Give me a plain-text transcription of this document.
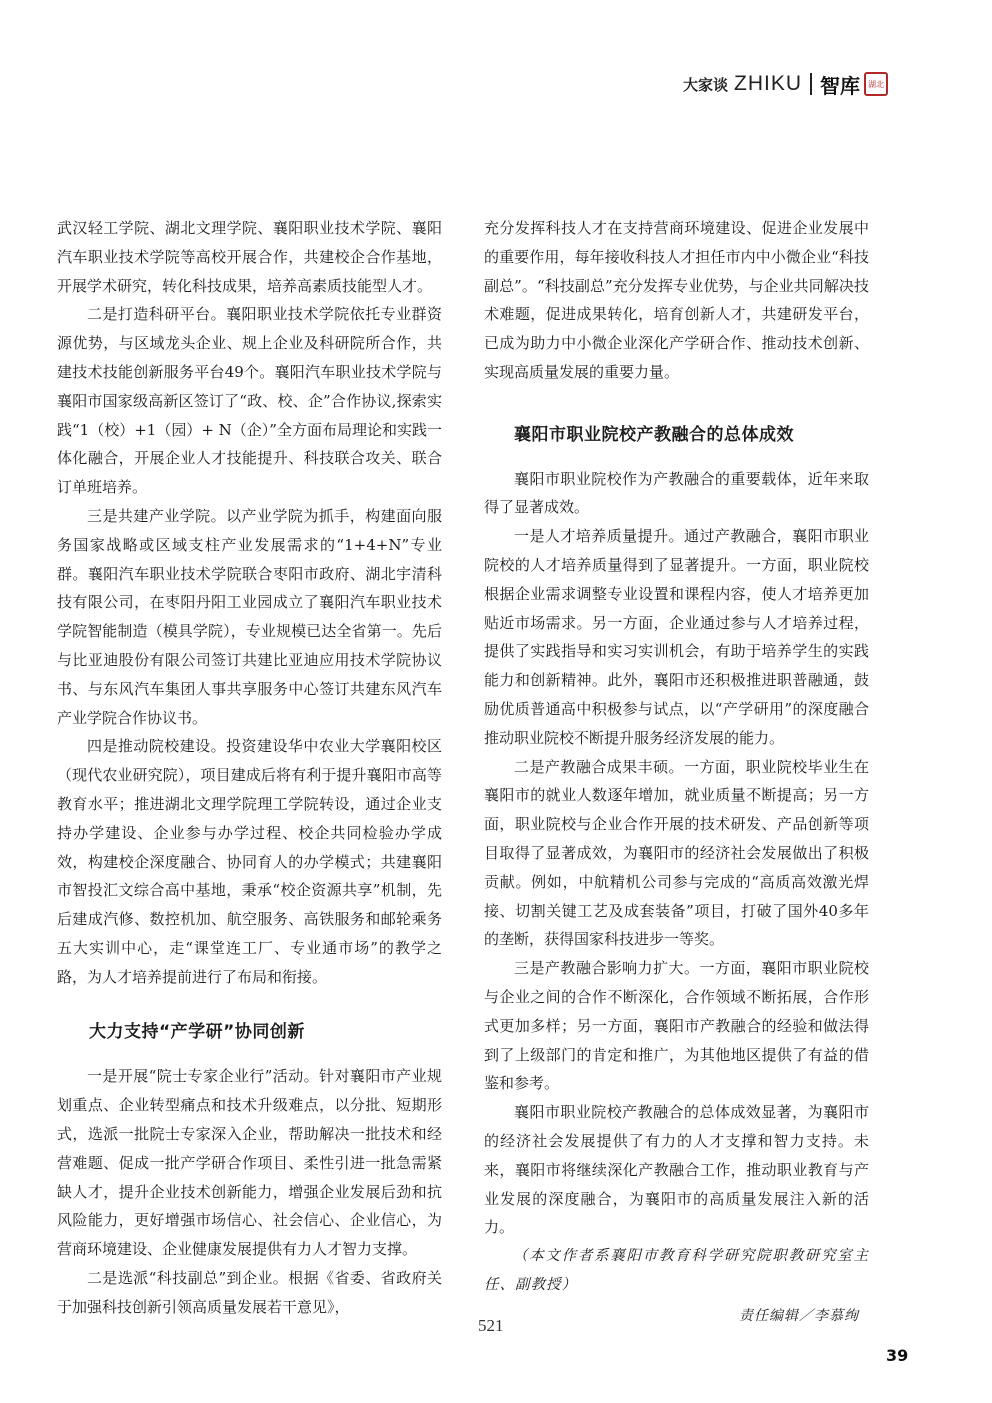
大家谈 ZHIKU 智库	湖北

武汉轻工学院、湖北文理学院、襄阳职业技术学院、襄阳汽车职业技术学院等高校开展合作，共建校企合作基地，开展学术研究，转化科技成果，培养高素质技能型人才。

二是打造科研平台。襄阳职业技术学院依托专业群资源优势，与区域龙头企业、规上企业及科研院所合作，共建技术技能创新服务平台49个。襄阳汽车职业技术学院与襄阳市国家级高新区签订了“政、校、企”合作协议,探索实践“1（校）+1（园）+ N（企）”全方面布局理论和实践一体化融合，开展企业人才技能提升、科技联合攻关、联合订单班培养。

三是共建产业学院。以产业学院为抓手，构建面向服务国家战略或区域支柱产业发展需求的“1+4+N”专业群。襄阳汽车职业技术学院联合枣阳市政府、湖北宇清科技有限公司，在枣阳丹阳工业园成立了襄阳汽车职业技术学院智能制造（模具学院），专业规模已达全省第一。先后与比亚迪股份有限公司签订共建比亚迪应用技术学院协议书、与东风汽车集团人事共享服务中心签订共建东风汽车产业学院合作协议书。

四是推动院校建设。投资建设华中农业大学襄阳校区（现代农业研究院），项目建成后将有利于提升襄阳市高等教育水平；推进湖北文理学院理工学院转设，通过企业支持办学建设、企业参与办学过程、校企共同检验办学成效，构建校企深度融合、协同育人的办学模式；共建襄阳市智投汇文综合高中基地，秉承“校企资源共享”机制，先后建成汽修、数控机加、航空服务、高铁服务和邮轮乘务五大实训中心，走“课堂连工厂、专业通市场”的教学之路，为人才培养提前进行了布局和衔接。

大力支持“产学研”协同创新

一是开展“院士专家企业行”活动。针对襄阳市产业规划重点、企业转型痛点和技术升级难点，以分批、短期形式，选派一批院士专家深入企业，帮助解决一批技术和经营难题、促成一批产学研合作项目、柔性引进一批急需紧缺人才，提升企业技术创新能力，增强企业发展后劲和抗风险能力，更好增强市场信心、社会信心、企业信心，为营商环境建设、企业健康发展提供有力人才智力支撑。

二是选派“科技副总”到企业。根据《省委、省政府关于加强科技创新引领高质量发展若干意见》，

充分发挥科技人才在支持营商环境建设、促进企业发展中的重要作用，每年接收科技人才担任市内中小微企业“科技副总”。“科技副总”充分发挥专业优势，与企业共同解决技术难题，促进成果转化，培育创新人才，共建研发平台，已成为助力中小微企业深化产学研合作、推动技术创新、实现高质量发展的重要力量。

襄阳市职业院校产教融合的总体成效

襄阳市职业院校作为产教融合的重要载体，近年来取得了显著成效。

一是人才培养质量提升。通过产教融合，襄阳市职业院校的人才培养质量得到了显著提升。一方面，职业院校根据企业需求调整专业设置和课程内容，使人才培养更加贴近市场需求。另一方面，企业通过参与人才培养过程，提供了实践指导和实习实训机会，有助于培养学生的实践能力和创新精神。此外，襄阳市还积极推进职普融通，鼓励优质普通高中积极参与试点，以“产学研用”的深度融合推动职业院校不断提升服务经济发展的能力。

二是产教融合成果丰硕。一方面，职业院校毕业生在襄阳市的就业人数逐年增加，就业质量不断提高；另一方面，职业院校与企业合作开展的技术研发、产品创新等项目取得了显著成效，为襄阳市的经济社会发展做出了积极贡献。例如，中航精机公司参与完成的“高质高效激光焊接、切割关键工艺及成套装备”项目，打破了国外40多年的垄断，获得国家科技进步一等奖。

三是产教融合影响力扩大。一方面，襄阳市职业院校与企业之间的合作不断深化，合作领域不断拓展，合作形式更加多样；另一方面，襄阳市产教融合的经验和做法得到了上级部门的肯定和推广，为其他地区提供了有益的借鉴和参考。

襄阳市职业院校产教融合的总体成效显著，为襄阳市的经济社会发展提供了有力的人才支撑和智力支持。未来，襄阳市将继续深化产教融合工作，推动职业教育与产业发展的深度融合，为襄阳市的高质量发展注入新的活力。

（本文作者系襄阳市教育科学研究院职教研究室主任、副教授）

责任编辑／李慕绚

521
39
